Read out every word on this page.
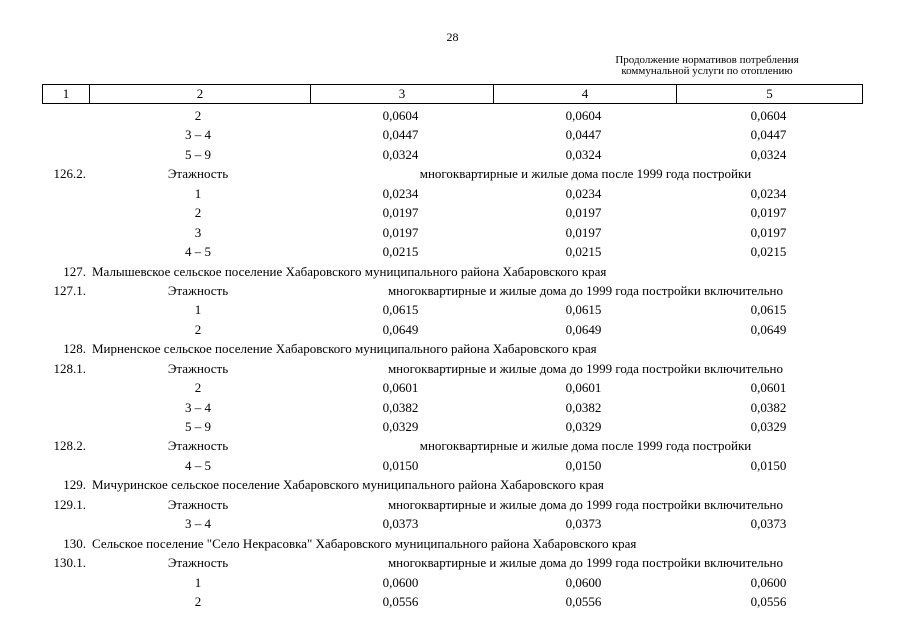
28
Продолжение нормативов потребления
коммунальной услуги по отоплению
1	2	3	4	5
2	0,0604	0,0604	0,0604
3 – 4	0,0447	0,0447	0,0447
5 – 9	0,0324	0,0324	0,0324
126.2.	Этажность	многоквартирные и жилые дома после 1999 года постройки
1	0,0234	0,0234	0,0234
2	0,0197	0,0197	0,0197
3	0,0197	0,0197	0,0197
4 – 5	0,0215	0,0215	0,0215
127. Малышевское сельское поселение Хабаровского муниципального района Хабаровского края
127.1.	Этажность	многоквартирные и жилые дома до 1999 года постройки включительно
1	0,0615	0,0615	0,0615
2	0,0649	0,0649	0,0649
128. Мирненское сельское поселение Хабаровского муниципального района Хабаровского края
128.1.	Этажность	многоквартирные и жилые дома до 1999 года постройки включительно
2	0,0601	0,0601	0,0601
3 – 4	0,0382	0,0382	0,0382
5 – 9	0,0329	0,0329	0,0329
128.2.	Этажность	многоквартирные и жилые дома после 1999 года постройки
4 – 5	0,0150	0,0150	0,0150
129. Мичуринское сельское поселение Хабаровского муниципального района Хабаровского края
129.1.	Этажность	многоквартирные и жилые дома до 1999 года постройки включительно
3 – 4	0,0373	0,0373	0,0373
130. Сельское поселение "Село Некрасовка" Хабаровского муниципального района Хабаровского края
130.1.	Этажность	многоквартирные и жилые дома до 1999 года постройки включительно
1	0,0600	0,0600	0,0600
2	0,0556	0,0556	0,0556
